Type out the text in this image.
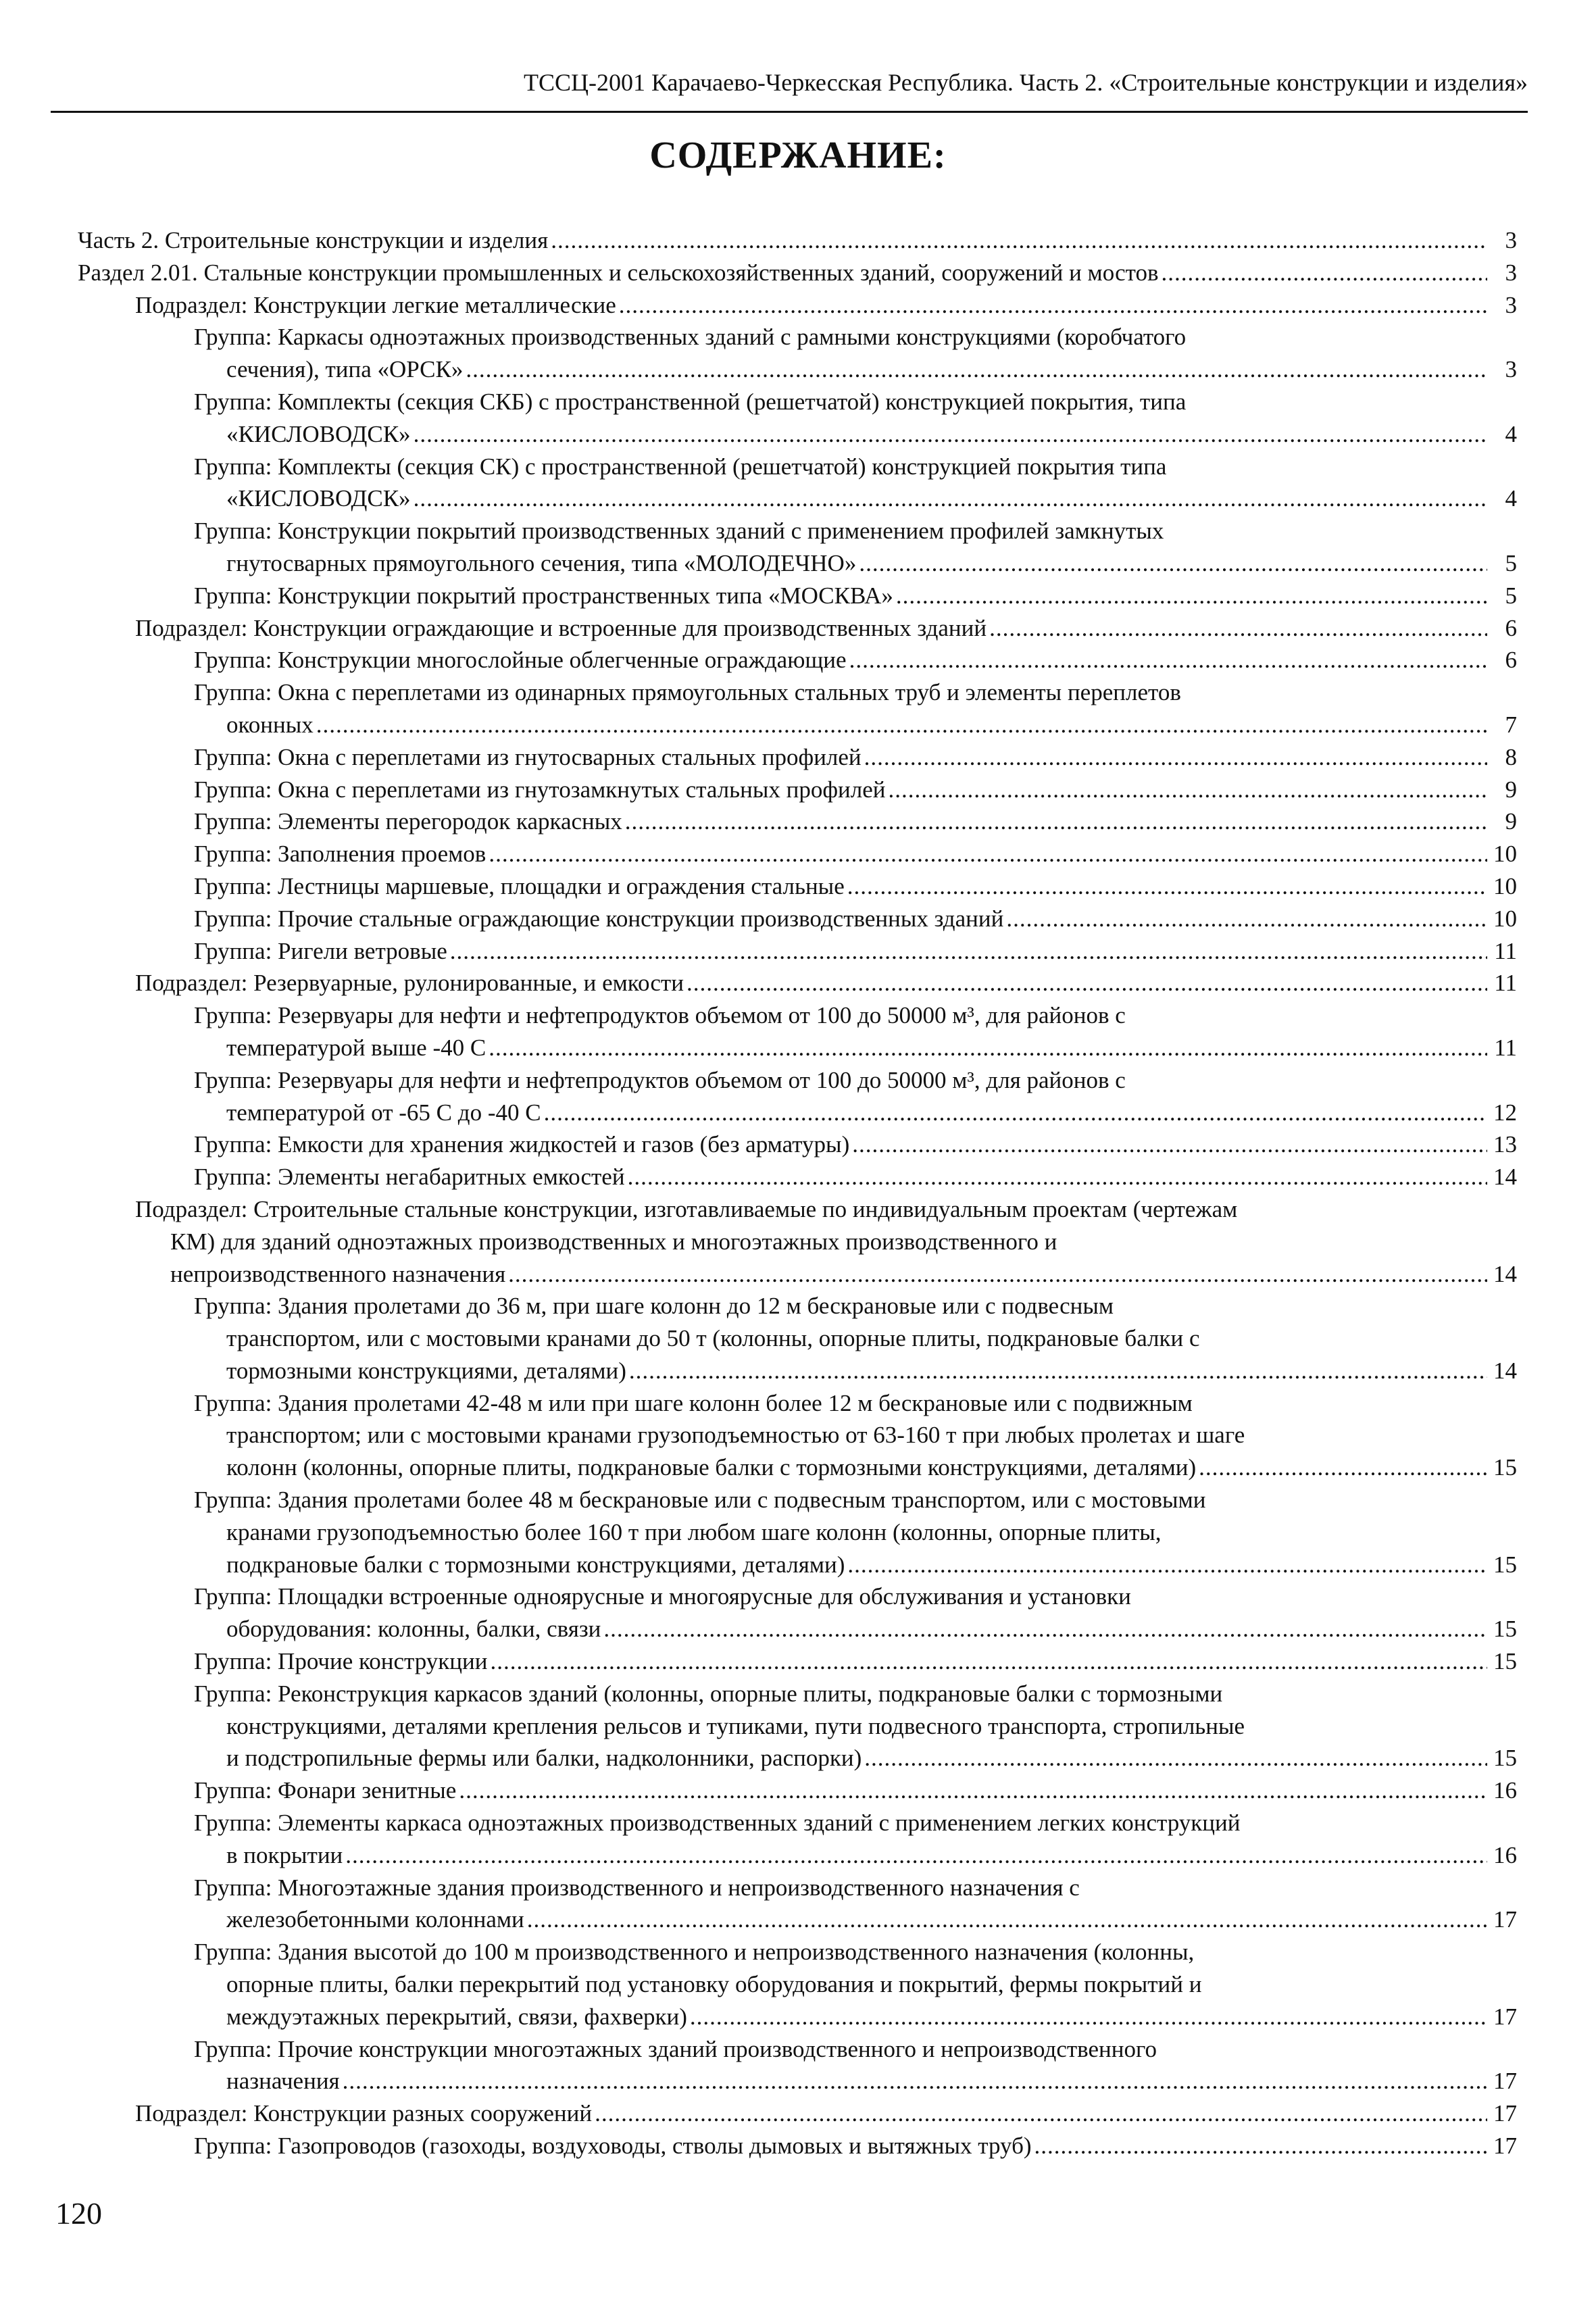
ТССЦ-2001 Карачаево-Черкесская Республика. Часть 2. «Строительные конструкции и изделия»
СОДЕРЖАНИЕ:
Часть 2. Строительные конструкции и изделия .....	3
Раздел 2.01. Стальные конструкции промышленных и сельскохозяйственных зданий, сооружений и мостов .....	3
Подраздел: Конструкции легкие металлические .....	3
Группа: Каркасы одноэтажных производственных зданий с рамными конструкциями (коробчатого
сечения), типа «ОРСК» .....	3
Группа: Комплекты (секция СКБ) с пространственной (решетчатой) конструкцией покрытия, типа
«КИСЛОВОДСК» .....	4
Группа: Комплекты (секция СК) с пространственной (решетчатой) конструкцией покрытия типа
«КИСЛОВОДСК» .....	4
Группа: Конструкции покрытий производственных зданий с применением профилей замкнутых
гнутосварных прямоугольного сечения, типа «МОЛОДЕЧНО» .....	5
Группа: Конструкции покрытий пространственных типа «МОСКВА» .....	5
Подраздел: Конструкции ограждающие и встроенные для производственных зданий .....	6
Группа: Конструкции многослойные облегченные ограждающие .....	6
Группа: Окна с переплетами из одинарных прямоугольных стальных труб и элементы переплетов
оконных .....	7
Группа: Окна с переплетами из гнутосварных стальных профилей .....	8
Группа: Окна с переплетами из гнутозамкнутых стальных профилей .....	9
Группа: Элементы перегородок каркасных .....	9
Группа: Заполнения проемов .....	10
Группа: Лестницы маршевые, площадки и ограждения стальные .....	10
Группа: Прочие стальные ограждающие конструкции производственных зданий .....	10
Группа: Ригели ветровые .....	11
Подраздел: Резервуарные, рулонированные, и емкости .....	11
Группа: Резервуары для нефти и нефтепродуктов объемом от 100 до 50000 м³, для районов с
температурой выше -40 С .....	11
Группа: Резервуары для нефти и нефтепродуктов объемом от 100 до 50000 м³, для районов с
температурой от -65 С до -40 С .....	12
Группа: Емкости для хранения жидкостей и газов (без арматуры) .....	13
Группа: Элементы негабаритных емкостей .....	14
Подраздел: Строительные стальные конструкции, изготавливаемые по индивидуальным проектам (чертежам
КМ) для зданий одноэтажных производственных и многоэтажных производственного и
непроизводственного назначения .....	14
Группа: Здания пролетами до 36 м, при шаге колонн до 12 м бескрановые или с подвесным
транспортом, или с мостовыми кранами до 50 т (колонны, опорные плиты, подкрановые балки с
тормозными конструкциями, деталями) .....	14
Группа: Здания пролетами 42-48 м или при шаге колонн более 12 м бескрановые или с подвижным
транспортом; или с мостовыми кранами грузоподъемностью от 63-160 т при любых пролетах и шаге
колонн (колонны, опорные плиты, подкрановые балки с тормозными конструкциями, деталями) .....	15
Группа: Здания пролетами более 48 м бескрановые или с подвесным транспортом, или с мостовыми
кранами грузоподъемностью более 160 т при любом шаге колонн (колонны, опорные плиты,
подкрановые балки с тормозными конструкциями, деталями) .....	15
Группа: Площадки встроенные одноярусные и многоярусные для обслуживания и установки
оборудования: колонны, балки, связи .....	15
Группа: Прочие конструкции .....	15
Группа: Реконструкция каркасов зданий (колонны, опорные плиты, подкрановые балки с тормозными
конструкциями, деталями крепления рельсов и тупиками, пути подвесного транспорта, стропильные
и подстропильные фермы или балки, надколонники, распорки) .....	15
Группа: Фонари зенитные .....	16
Группа: Элементы каркаса одноэтажных производственных зданий с применением легких конструкций
в покрытии .....	16
Группа: Многоэтажные здания производственного и непроизводственного назначения с
железобетонными колоннами .....	17
Группа: Здания высотой до 100 м производственного и непроизводственного назначения (колонны,
опорные плиты, балки перекрытий под установку оборудования и покрытий, фермы покрытий и
междуэтажных перекрытий, связи, фахверки) .....	17
Группа: Прочие конструкции многоэтажных зданий производственного и непроизводственного
назначения .....	17
Подраздел: Конструкции разных сооружений .....	17
Группа: Газопроводов (газоходы, воздуховоды, стволы дымовых и вытяжных труб) .....	17
120
